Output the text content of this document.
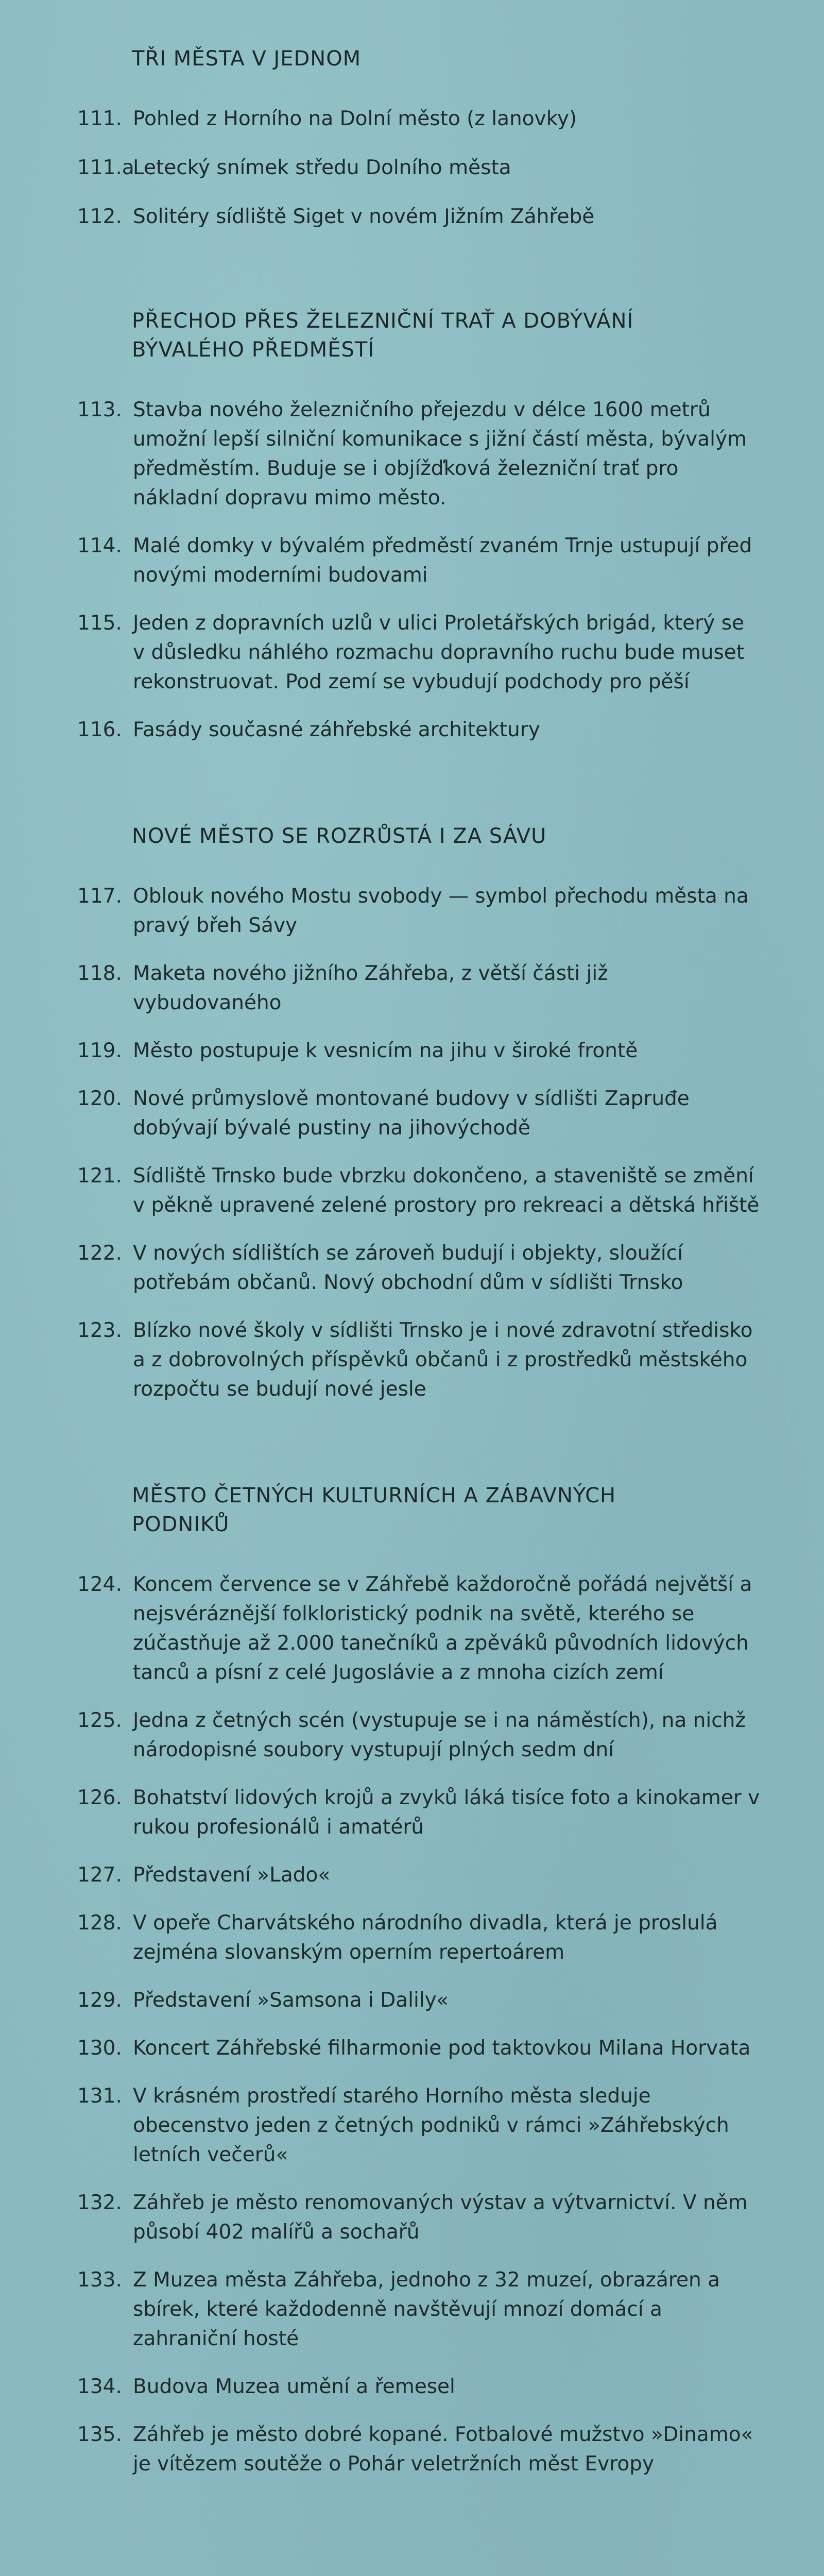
TŘI MĚSTA V JEDNOM
111. Pohled z Horního na Dolní město (z lanovky)
111.a
Letecký snímek středu Dolního města
112. Solitéry sídliště Siget v novém Jižním Záhřebě
PŘECHOD PŘES ŽELEZNIČNÍ TRAŤ A DOBÝVÁNÍ BÝVALÉHO PŘEDMĚSTÍ
113. Stavba nového železničního přejezdu v délce 1600 metrů umožní lepší silniční komunikace s jižní částí města, bývalým předměstím. Buduje se i objížďková železniční trať pro nákladní dopravu mimo město.
114. Malé domky v bývalém předměstí zvaném Trnje ustupují před novými moderními budovami
115. Jeden z dopravních uzlů v ulici Proletářských brigád, který se v důsledku náhlého rozmachu dopravního ruchu bude muset rekonstruovat. Pod zemí se vybudují podchody pro pěší
116. Fasády současné záhřebské architektury
NOVÉ MĚSTO SE ROZRŮSTÁ I ZA SÁVU
117. Oblouk nového Mostu svobody — symbol přechodu města na pravý břeh Sávy
118. Maketa nového jižního Záhřeba, z větší části již vybudovaného
119. Město postupuje k vesnicím na jihu v široké frontě
120. Nové průmyslově montované budovy v sídlišti Zapruđe dobývají bývalé pustiny na jihovýchodě
121. Sídliště Trnsko bude vbrzku dokončeno, a staveniště se změní v pěkně upravené zelené prostory pro rekreaci a dětská hřiště
122. V nových sídlištích se zároveň budují i objekty, sloužící potřebám občanů. Nový obchodní dům v sídlišti Trnsko
123. Blízko nové školy v sídlišti Trnsko je i nové zdravotní středisko a z dobrovolných příspěvků občanů i z prostředků městského rozpočtu se budují nové jesle
MĚSTO ČETNÝCH KULTURNÍCH A ZÁBAVNÝCH PODNIKŮ
124. Koncem července se v Záhřebě každoročně pořádá největší a nejsvéráznější folkloristický podnik na světě, kterého se zúčastňuje až 2.000 tanečníků a zpěváků původních lidových tanců a písní z celé Jugoslávie a z mnoha cizích zemí
125. Jedna z četných scén (vystupuje se i na náměstích), na nichž národopisné soubory vystupují plných sedm dní
126. Bohatství lidových krojů a zvyků láká tisíce foto a kinokamer v rukou profesionálů i amatérů
127. Představení »Lado«
128. V opeře Charvátského národního divadla, která je proslulá zejména slovanským operním repertoárem
129. Představení »Samsona i Dalily«
130. Koncert Záhřebské filharmonie pod taktovkou Milana Horvata
131. V krásném prostředí starého Horního města sleduje obecenstvo jeden z četných podniků v rámci »Záhřebských letních večerů«
132. Záhřeb je město renomovaných výstav a výtvarnictví. V něm působí 402 malířů a sochařů
133. Z Muzea města Záhřeba, jednoho z 32 muzeí, obrazáren a sbírek, které každodenně navštěvují mnozí domácí a zahraniční hosté
134. Budova Muzea umění a řemesel
135. Záhřeb je město dobré kopané. Fotbalové mužstvo »Dinamo« je vítězem soutěže o Pohár veletržních měst Evropy
